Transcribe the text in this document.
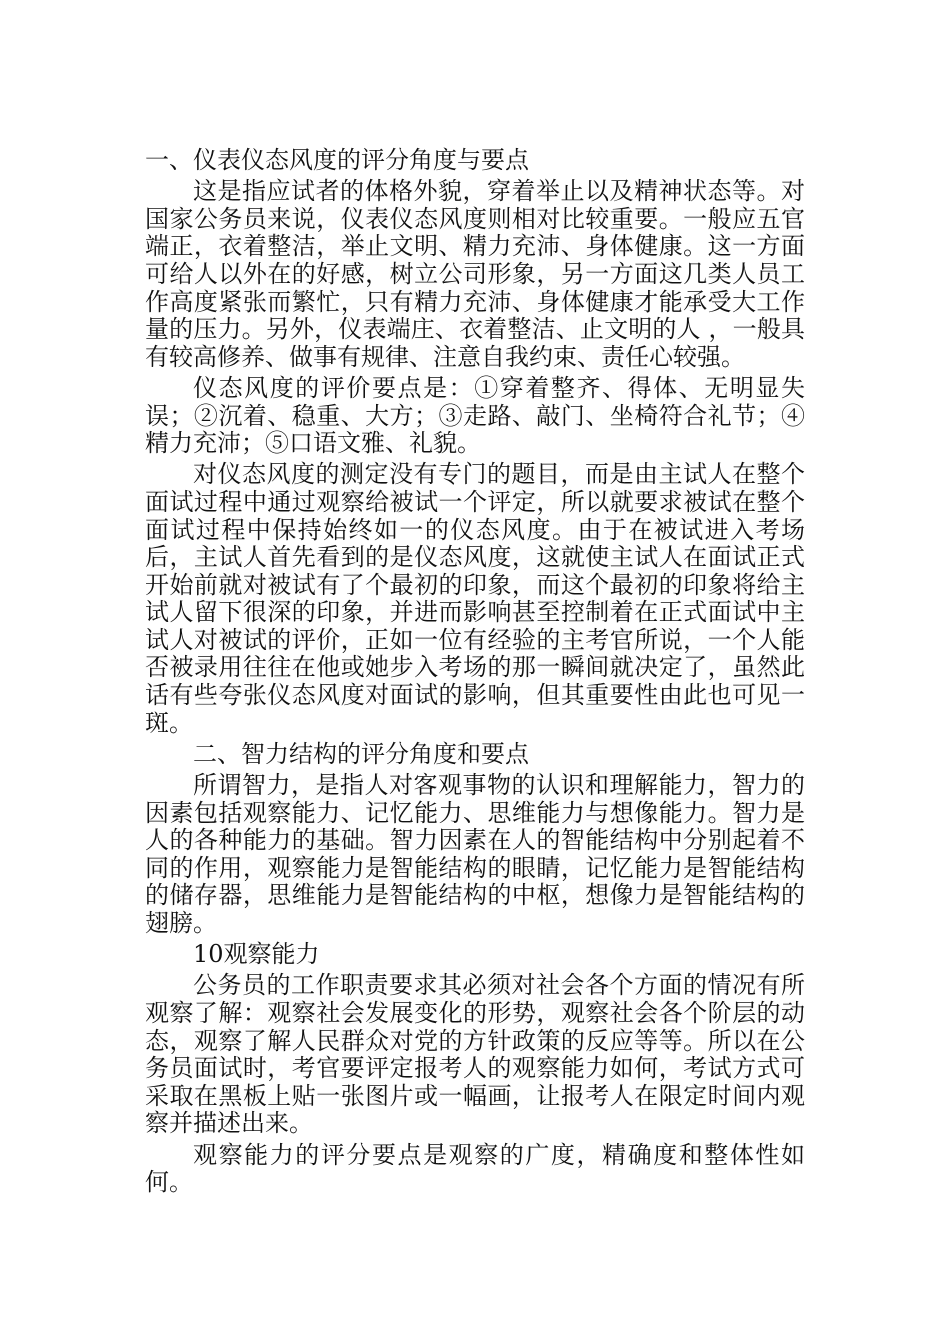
一、仪表仪态风度的评分角度与要点

这是指应试者的体格外貌，穿着举止以及精神状态等。对国家公务员来说，仪表仪态风度则相对比较重要。一般应五官端正，衣着整洁，举止文明、精力充沛、身体健康。这一方面可给人以外在的好感，树立公司形象，另一方面这几类人员工作高度紧张而繁忙，只有精力充沛、身体健康才能承受大工作量的压力。另外，仪表端庄、衣着整洁、止文明的人 ，一般具有较高修养、做事有规律、注意自我约束、责任心较强。

仪态风度的评价要点是：①穿着整齐、得体、无明显失误；②沉着、稳重、大方；③走路、敲门、坐椅符合礼节；④精力充沛；⑤口语文雅、礼貌。

对仪态风度的测定没有专门的题目，而是由主试人在整个面试过程中通过观察给被试一个评定，所以就要求被试在整个面试过程中保持始终如一的仪态风度。由于在被试进入考场后，主试人首先看到的是仪态风度，这就使主试人在面试正式开始前就对被试有了个最初的印象，而这个最初的印象将给主试人留下很深的印象，并进而影响甚至控制着在正式面试中主试人对被试的评价，正如一位有经验的主考官所说，一个人能否被录用往往在他或她步入考场的那一瞬间就决定了，虽然此话有些夸张仪态风度对面试的影响，但其重要性由此也可见一斑。

二、智力结构的评分角度和要点

所谓智力，是指人对客观事物的认识和理解能力，智力的因素包括观察能力、记忆能力、思维能力与想像能力。智力是人的各种能力的基础。智力因素在人的智能结构中分别起着不同的作用，观察能力是智能结构的眼睛，记忆能力是智能结构的储存器，思维能力是智能结构的中枢，想像力是智能结构的翅膀。

10观察能力

公务员的工作职责要求其必须对社会各个方面的情况有所观察了解：观察社会发展变化的形势，观察社会各个阶层的动态，观察了解人民群众对党的方针政策的反应等等。所以在公务员面试时，考官要评定报考人的观察能力如何，考试方式可采取在黑板上贴一张图片或一幅画，让报考人在限定时间内观察并描述出来。

观察能力的评分要点是观察的广度，精确度和整体性如何。
